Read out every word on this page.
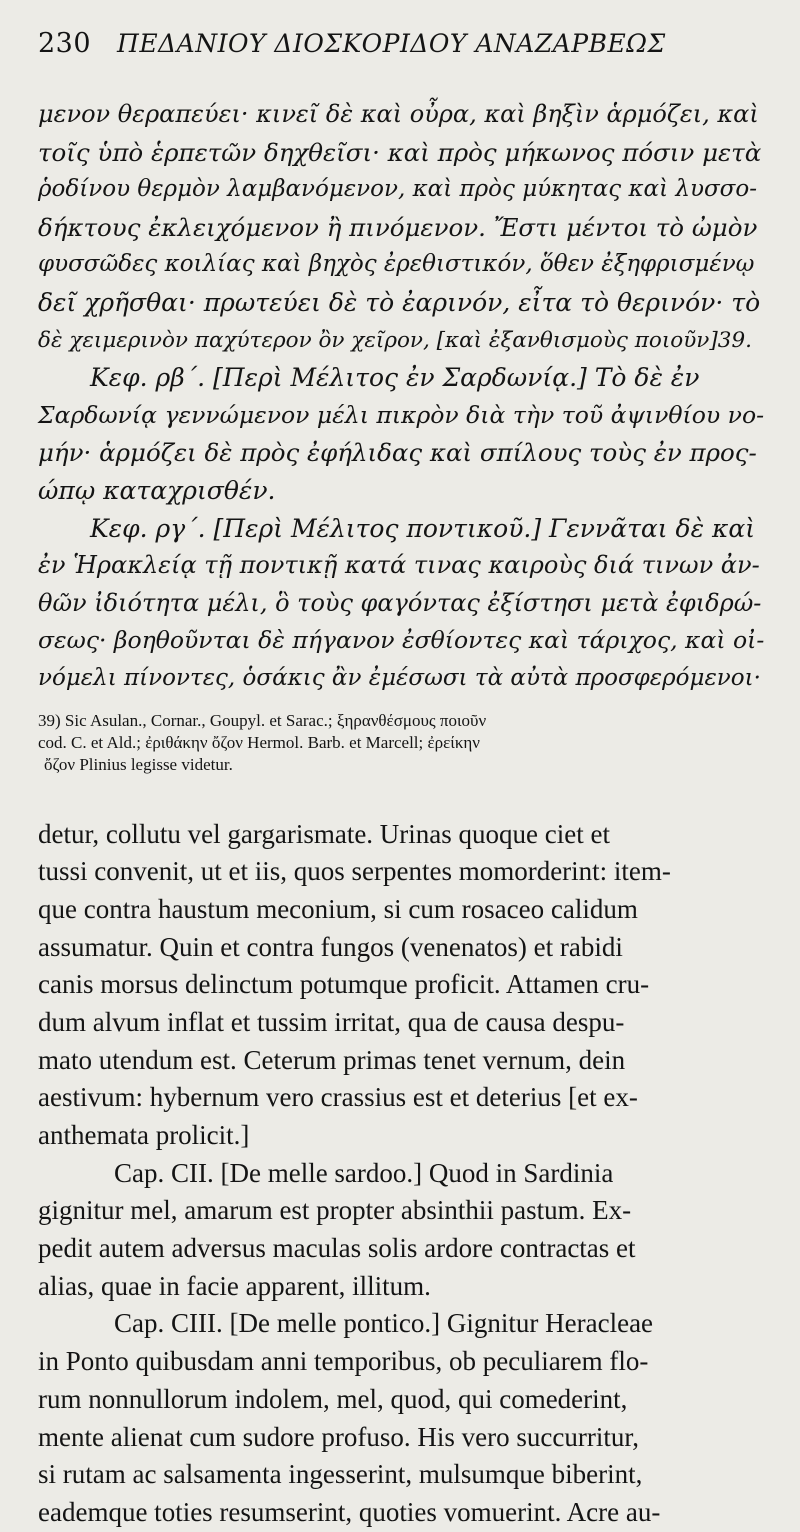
230 ΠΕΔΑΝΙΟΥ ΔΙΟΣΚΟΡΙΔΟΥ ΑΝΑΖΑΡΒΕΩΣ
μενον θεραπεύει· κινεῖ δὲ καὶ οὖρα, καὶ βηξὶν ἁρμόζει, καὶ
τοῖς ὑπὸ ἑρπετῶν δηχθεῖσι· καὶ πρὸς μήκωνος πόσιν μετὰ
ῥοδίνου θερμὸν λαμβανόμενον, καὶ πρὸς μύκητας καὶ λυσσο-
δήκτους ἐκλειχόμενον ἢ πινόμενον. Ἔστι μέντοι τὸ ὠμὸν
φυσσῶδες κοιλίας καὶ βηχὸς ἐρεθιστικόν, ὅθεν ἐξηφρισμένῳ
δεῖ χρῆσθαι· πρωτεύει δὲ τὸ ἐαρινόν, εἶτα τὸ θερινόν· τὸ
δὲ χειμερινὸν παχύτερον ὂν χεῖρον, [καὶ ἐξανθισμοὺς ποιοῦν]39.
Κεφ. ρβ΄. [Περὶ Μέλιτος ἐν Σαρδωνίᾳ.] Τὸ δὲ ἐν
Σαρδωνίᾳ γεννώμενον μέλι πικρὸν διὰ τὴν τοῦ ἀψινθίου νο-
μήν· ἁρμόζει δὲ πρὸς ἐφήλιδας καὶ σπίλους τοὺς ἐν προς-
ώπῳ καταχρισθέν.
Κεφ. ργ΄. [Περὶ Μέλιτος ποντικοῦ.] Γεννᾶται δὲ καὶ
ἐν Ἡρακλείᾳ τῇ ποντικῇ κατά τινας καιροὺς διά τινων ἀν-
θῶν ἰδιότητα μέλι, ὃ τοὺς φαγόντας ἐξίστησι μετὰ ἐφιδρώ-
σεως· βοηθοῦνται δὲ πήγανον ἐσθίοντες καὶ τάριχος, καὶ οἰ-
νόμελι πίνοντες, ὁσάκις ἂν ἐμέσωσι τὰ αὐτὰ προσφερόμενοι·
39) Sic Asulan., Cornar., Goupyl. et Sarac.; ξηρανθέσμους ποιοῦν
cod. C. et Ald.; ἐριθάκην ὄζον Hermol. Barb. et Marcell; ἐρείκην
ὄζον Plinius legisse videtur.
detur, collutu vel gargarismate. Urinas quoque ciet et
tussi convenit, ut et iis, quos serpentes momorderint: item-
que contra haustum meconium, si cum rosaceo calidum
assumatur. Quin et contra fungos (venenatos) et rabidi
canis morsus delinctum potumque proficit. Attamen cru-
dum alvum inflat et tussim irritat, qua de causa despu-
mato utendum est. Ceterum primas tenet vernum, dein
aestivum: hybernum vero crassius est et deterius [et ex-
anthemata prolicit.]
Cap. CII. [De melle sardoo.] Quod in Sardinia
gignitur mel, amarum est propter absinthii pastum. Ex-
pedit autem adversus maculas solis ardore contractas et
alias, quae in facie apparent, illitum.
Cap. CIII. [De melle pontico.] Gignitur Heracleae
in Ponto quibusdam anni temporibus, ob peculiarem flo-
rum nonnullorum indolem, mel, quod, qui comederint,
mente alienat cum sudore profuso. His vero succurritur,
si rutam ac salsamenta ingesserint, mulsumque biberint,
eademque toties resumserint, quoties vomuerint. Acre au-
